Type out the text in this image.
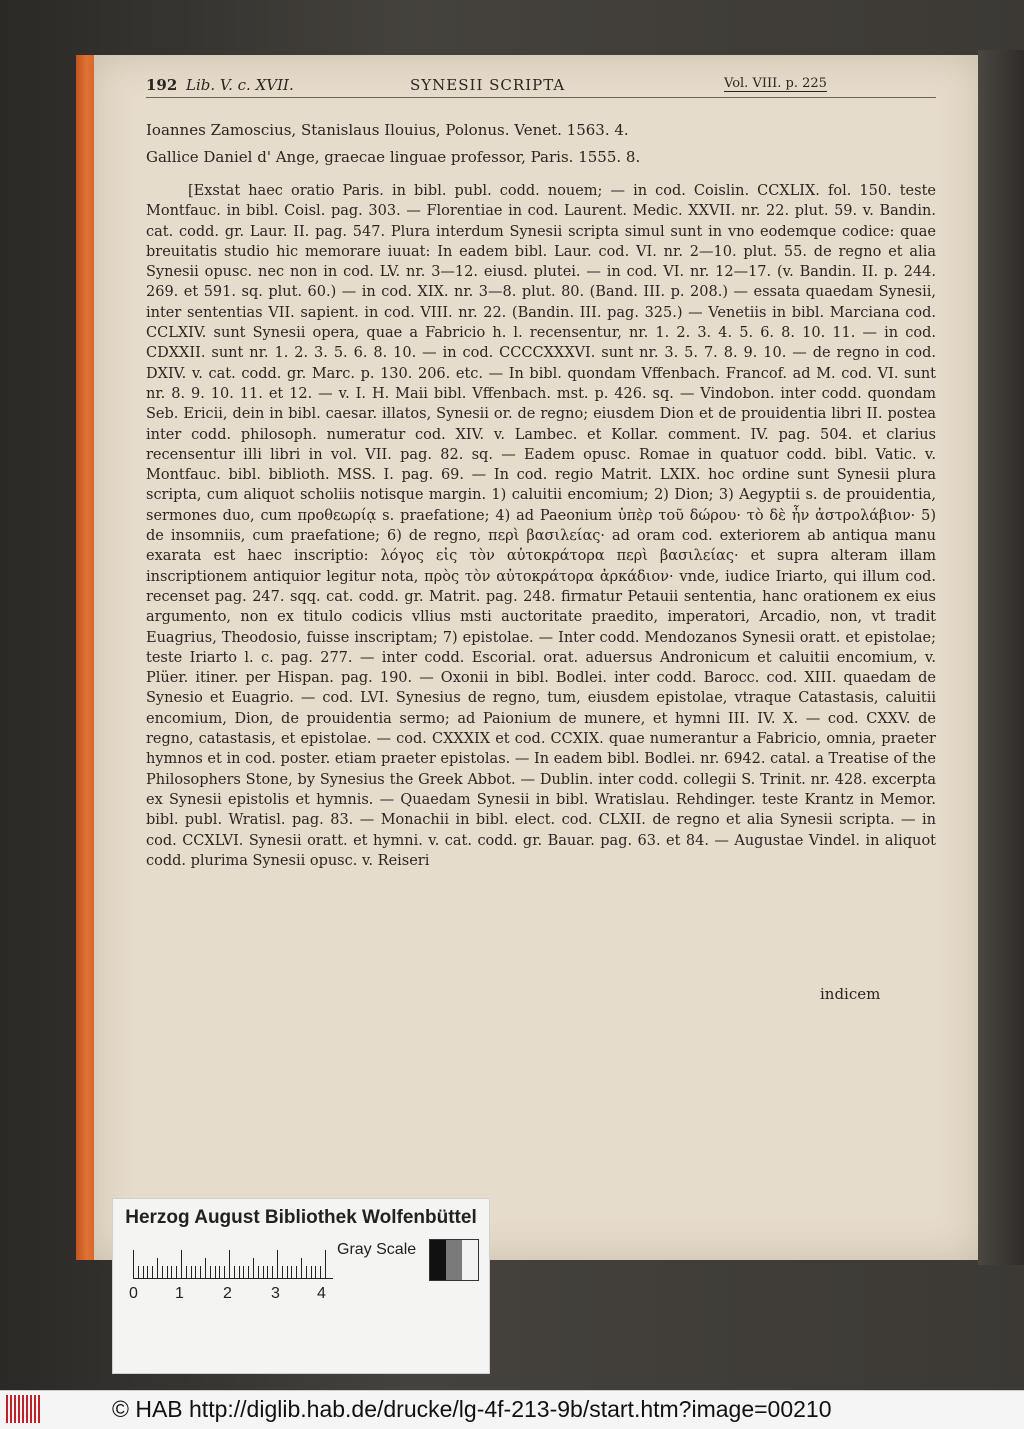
192 Lib. V. c. XVII.	SYNESII SCRIPTA	Vol. VIII. p. 225
Ioannes Zamoscius, Stanislaus Ilouius, Polonus. Venet. 1563. 4.
Gallice Daniel d' Ange, graecae linguae professor, Paris. 1555. 8.

[Exstat haec oratio Paris. in bibl. publ. codd. nouem; — in cod. Coislin. CCXLIX. fol. 150. teste Montfauc. in bibl. Coisl. pag. 303. — Florentiae in cod. Laurent. Medic. XXVII. nr. 22. plut. 59. v. Bandin. cat. codd. gr. Laur. II. pag. 547. Plura interdum Synesii scripta simul sunt in vno eodemque codice: quae breuitatis studio hic memorare iuuat: In eadem bibl. Laur. cod. VI. nr. 2—10. plut. 55. de regno et alia Synesii opusc. nec non in cod. LV. nr. 3—12. eiusd. plutei. — in cod. VI. nr. 12—17. (v. Bandin. II. p. 244. 269. et 591. sq. plut. 60.) — in cod. XIX. nr. 3—8. plut. 80. (Band. III. p. 208.) — essata quaedam Synesii, inter sententias VII. sapient. in cod. VIII. nr. 22. (Bandin. III. pag. 325.) — Venetiis in bibl. Marciana cod. CCLXIV. sunt Synesii opera, quae a Fabricio h. l. recensentur, nr. 1. 2. 3. 4. 5. 6. 8. 10. 11. — in cod. CDXXII. sunt nr. 1. 2. 3. 5. 6. 8. 10. — in cod. CCCCXXXVI. sunt nr. 3. 5. 7. 8. 9. 10. — de regno in cod. DXIV. v. cat. codd. gr. Marc. p. 130. 206. etc. — In bibl. quondam Vffenbach. Francof. ad M. cod. VI. sunt nr. 8. 9. 10. 11. et 12. — v. I. H. Maii bibl. Vffenbach. mst. p. 426. sq. — Vindobon. inter codd. quondam Seb. Ericii, dein in bibl. caesar. illatos, Synesii or. de regno; eiusdem Dion et de prouidentia libri II. postea inter codd. philosoph. numeratur cod. XIV. v. Lambec. et Kollar. comment. IV. pag. 504. et clarius recensentur illi libri in vol. VII. pag. 82. sq. — Eadem opusc. Romae in quatuor codd. bibl. Vatic. v. Montfauc. bibl. biblioth. MSS. I. pag. 69. — In cod. regio Matrit. LXIX. hoc ordine sunt Synesii plura scripta, cum aliquot scholiis notisque margin. 1) caluitii encomium; 2) Dion; 3) Aegyptii s. de prouidentia, sermones duo, cum προθεωρίᾳ s. praefatione; 4) ad Paeonium ὑπὲρ τοῦ δώρου· τὸ δὲ ἦν ἀστρολάβιον· 5) de insomniis, cum praefatione; 6) de regno, περὶ βασιλείας· ad oram cod. exteriorem ab antiqua manu exarata est haec inscriptio: λόγος εἰς τὸν αὐτοκράτορα περὶ βασιλείας· et supra alteram illam inscriptionem antiquior legitur nota, πρὸς τὸν αὐτοκράτορα ἀρκάδιον· vnde, iudice Iriarto, qui illum cod. recenset pag. 247. sqq. cat. codd. gr. Matrit. pag. 248. firmatur Petauii sententia, hanc orationem ex eius argumento, non ex titulo codicis vllius msti auctoritate praedito, imperatori, Arcadio, non, vt tradit Euagrius, Theodosio, fuisse inscriptam; 7) epistolae. — Inter codd. Mendozanos Synesii oratt. et epistolae; teste Iriarto l. c. pag. 277. — inter codd. Escorial. orat. aduersus Andronicum et caluitii encomium, v. Plüer. itiner. per Hispan. pag. 190. — Oxonii in bibl. Bodlei. inter codd. Barocc. cod. XIII. quaedam de Synesio et Euagrio. — cod. LVI. Synesius de regno, tum, eiusdem epistolae, vtraque Catastasis, caluitii encomium, Dion, de prouidentia sermo; ad Paionium de munere, et hymni III. IV. X. — cod. CXXV. de regno, catastasis, et epistolae. — cod. CXXXIX et cod. CCXIX. quae numerantur a Fabricio, omnia, praeter hymnos et in cod. poster. etiam praeter epistolas. — In eadem bibl. Bodlei. nr. 6942. catal. a Treatise of the Philosophers Stone, by Synesius the Greek Abbot. — Dublin. inter codd. collegii S. Trinit. nr. 428. excerpta ex Synesii epistolis et hymnis. — Quaedam Synesii in bibl. Wratislau. Rehdinger. teste Krantz in Memor. bibl. publ. Wratisl. pag. 83. — Monachii in bibl. elect. cod. CLXII. de regno et alia Synesii scripta. — in cod. CCXLVI. Synesii oratt. et hymni. v. cat. codd. gr. Bauar. pag. 63. et 84. — Augustae Vindel. in aliquot codd. plurima Synesii opusc. v. Reiseri

indicem
Herzog August Bibliothek Wolfenbüttel
0 1 2 3 4
Gray Scale
© HAB http://diglib.hab.de/drucke/lg-4f-213-9b/start.htm?image=00210
